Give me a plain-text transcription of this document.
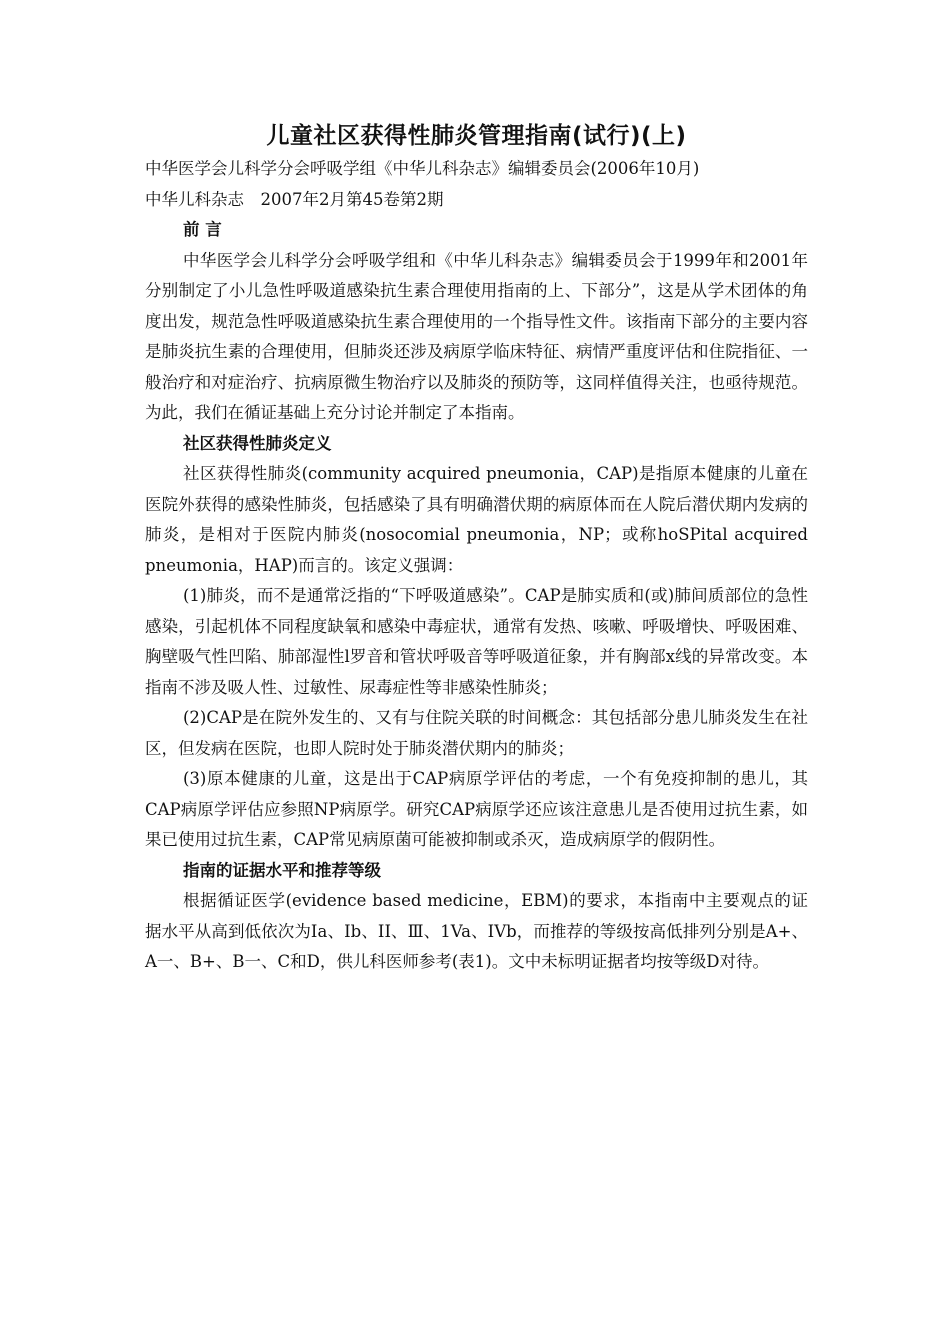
儿童社区获得性肺炎管理指南(试行)(上)

中华医学会儿科学分会呼吸学组《中华儿科杂志》编辑委员会(2006年10月)

中华儿科杂志　2007年2月第45卷第2期

前 言

中华医学会儿科学分会呼吸学组和《中华儿科杂志》编辑委员会于1999年和2001年分别制定了小儿急性呼吸道感染抗生素合理使用指南的上、下部分”，这是从学术团体的角度出发，规范急性呼吸道感染抗生素合理使用的一个指导性文件。该指南下部分的主要内容是肺炎抗生素的合理使用，但肺炎还涉及病原学临床特征、病情严重度评估和住院指征、一般治疗和对症治疗、抗病原微生物治疗以及肺炎的预防等，这同样值得关注，也亟待规范。为此，我们在循证基础上充分讨论并制定了本指南。

社区获得性肺炎定义

社区获得性肺炎(community acquired pneumonia，CAP)是指原本健康的儿童在医院外获得的感染性肺炎，包括感染了具有明确潜伏期的病原体而在人院后潜伏期内发病的肺炎，是相对于医院内肺炎(nosocomial pneumonia，NP；或称hoSPital acquired pneumonia，HAP)而言的。该定义强调：

(1)肺炎，而不是通常泛指的“下呼吸道感染”。CAP是肺实质和(或)肺间质部位的急性感染，引起机体不同程度缺氧和感染中毒症状，通常有发热、咳嗽、呼吸增快、呼吸困难、胸壁吸气性凹陷、肺部湿性l罗音和管状呼吸音等呼吸道征象，并有胸部x线的异常改变。本指南不涉及吸人性、过敏性、尿毒症性等非感染性肺炎；

(2)CAP是在院外发生的、又有与住院关联的时间概念：其包括部分患儿肺炎发生在社区，但发病在医院，也即人院时处于肺炎潜伏期内的肺炎；

(3)原本健康的儿童，这是出于CAP病原学评估的考虑，一个有免疫抑制的患儿，其CAP病原学评估应参照NP病原学。研究CAP病原学还应该注意患儿是否使用过抗生素，如果已使用过抗生素，CAP常见病原菌可能被抑制或杀灭，造成病原学的假阴性。

指南的证据水平和推荐等级

根据循证医学(evidence based medicine，EBM)的要求，本指南中主要观点的证据水平从高到低依次为Ⅰa、Ⅰb、II、Ⅲ、1Va、IVb，而推荐的等级按高低排列分别是A+、A一、B+、B一、C和D，供儿科医师参考(表1)。文中未标明证据者均按等级D对待。
